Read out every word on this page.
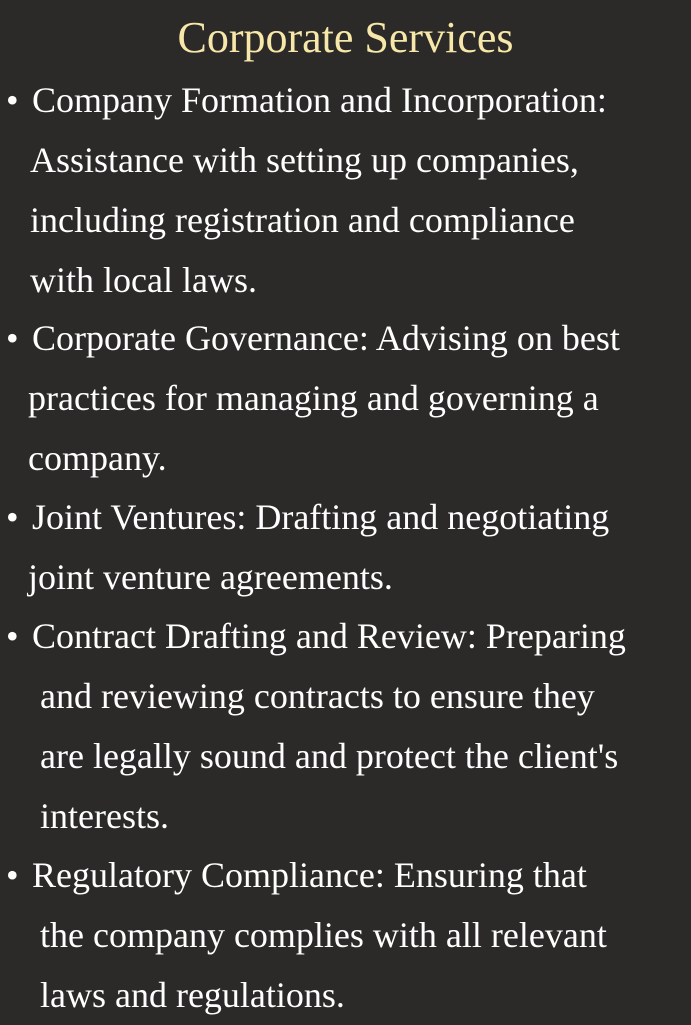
Corporate Services
• Company Formation and Incorporation:
Assistance with setting up companies,
including registration and compliance
with local laws.
• Corporate Governance: Advising on best
practices for managing and governing a
company.
• Joint Ventures: Drafting and negotiating
joint venture agreements.
• Contract Drafting and Review: Preparing
and reviewing contracts to ensure they
are legally sound and protect the client's
interests.
• Regulatory Compliance: Ensuring that
the company complies with all relevant
laws and regulations.
